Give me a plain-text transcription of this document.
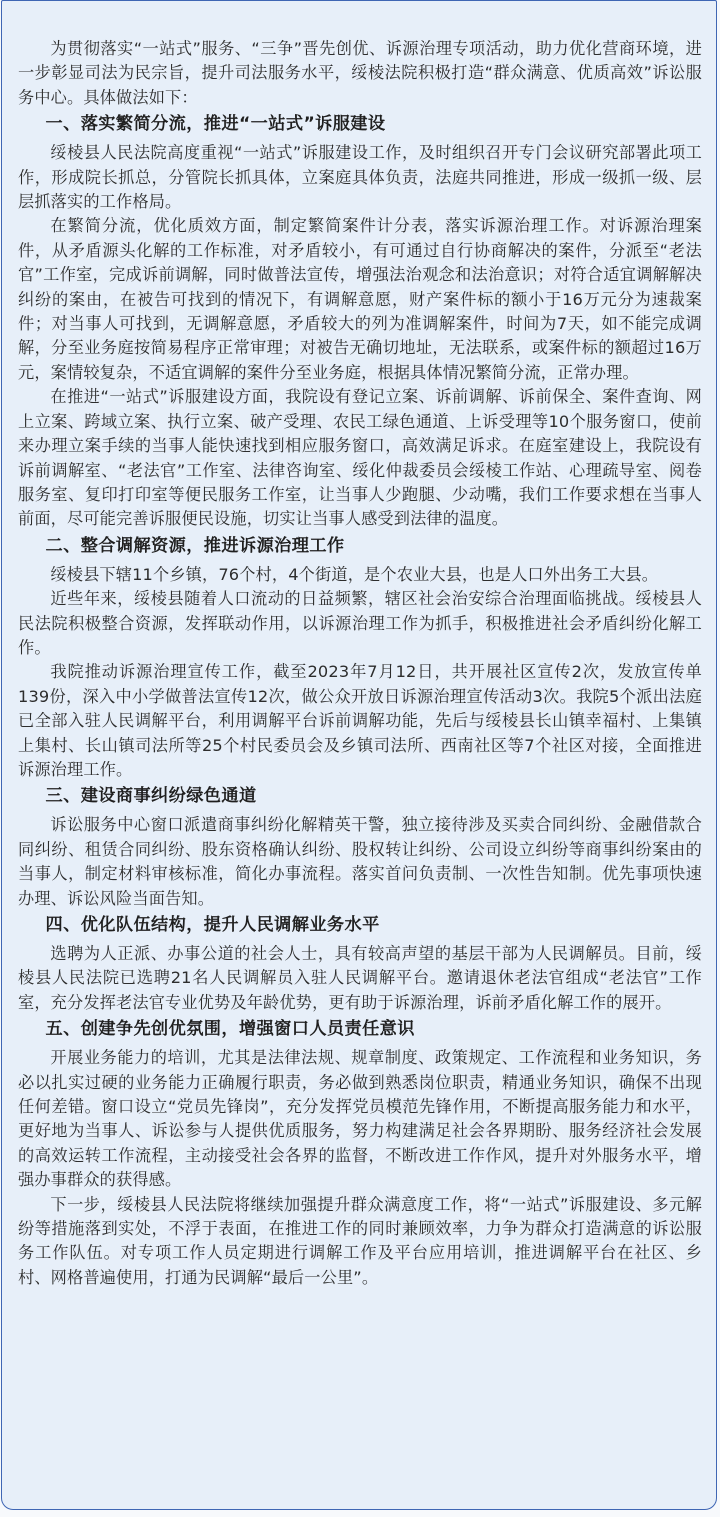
为贯彻落实“一站式”服务、“三争”晋先创优、诉源治理专项活动，助力优化营商环境，进一步彰显司法为民宗旨，提升司法服务水平，绥棱法院积极打造“群众满意、优质高效”诉讼服务中心。具体做法如下：

一、落实繁简分流，推进“一站式”诉服建设

绥棱县人民法院高度重视“一站式”诉服建设工作，及时组织召开专门会议研究部署此项工作，形成院长抓总，分管院长抓具体，立案庭具体负责，法庭共同推进，形成一级抓一级、层层抓落实的工作格局。

在繁简分流，优化质效方面，制定繁简案件计分表，落实诉源治理工作。对诉源治理案件，从矛盾源头化解的工作标准，对矛盾较小，有可通过自行协商解决的案件，分派至“老法官”工作室，完成诉前调解，同时做普法宣传，增强法治观念和法治意识；对符合适宜调解解决纠纷的案由，在被告可找到的情况下，有调解意愿，财产案件标的额小于16万元分为速裁案件；对当事人可找到，无调解意愿，矛盾较大的列为准调解案件，时间为7天，如不能完成调解，分至业务庭按简易程序正常审理；对被告无确切地址，无法联系，或案件标的额超过16万元，案情较复杂，不适宜调解的案件分至业务庭，根据具体情况繁简分流，正常办理。

在推进“一站式”诉服建设方面，我院设有登记立案、诉前调解、诉前保全、案件查询、网上立案、跨域立案、执行立案、破产受理、农民工绿色通道、上诉受理等10个服务窗口，使前来办理立案手续的当事人能快速找到相应服务窗口，高效满足诉求。在庭室建设上，我院设有诉前调解室、“老法官”工作室、法律咨询室、绥化仲裁委员会绥棱工作站、心理疏导室、阅卷服务室、复印打印室等便民服务工作室，让当事人少跑腿、少动嘴，我们工作要求想在当事人前面，尽可能完善诉服便民设施，切实让当事人感受到法律的温度。

二、整合调解资源，推进诉源治理工作

绥棱县下辖11个乡镇，76个村，4个街道，是个农业大县，也是人口外出务工大县。

近些年来，绥棱县随着人口流动的日益频繁，辖区社会治安综合治理面临挑战。绥棱县人民法院积极整合资源，发挥联动作用，以诉源治理工作为抓手，积极推进社会矛盾纠纷化解工作。

我院推动诉源治理宣传工作，截至2023年7月12日，共开展社区宣传2次，发放宣传单139份，深入中小学做普法宣传12次，做公众开放日诉源治理宣传活动3次。我院5个派出法庭已全部入驻人民调解平台，利用调解平台诉前调解功能，先后与绥棱县长山镇幸福村、上集镇上集村、长山镇司法所等25个村民委员会及乡镇司法所、西南社区等7个社区对接，全面推进诉源治理工作。

三、建设商事纠纷绿色通道

诉讼服务中心窗口派遣商事纠纷化解精英干警，独立接待涉及买卖合同纠纷、金融借款合同纠纷、租赁合同纠纷、股东资格确认纠纷、股权转让纠纷、公司设立纠纷等商事纠纷案由的当事人，制定材料审核标准，简化办事流程。落实首问负责制、一次性告知制。优先事项快速办理、诉讼风险当面告知。

四、优化队伍结构，提升人民调解业务水平

选聘为人正派、办事公道的社会人士，具有较高声望的基层干部为人民调解员。目前，绥棱县人民法院已选聘21名人民调解员入驻人民调解平台。邀请退休老法官组成“老法官”工作室，充分发挥老法官专业优势及年龄优势，更有助于诉源治理，诉前矛盾化解工作的展开。

五、创建争先创优氛围，增强窗口人员责任意识

开展业务能力的培训，尤其是法律法规、规章制度、政策规定、工作流程和业务知识，务必以扎实过硬的业务能力正确履行职责，务必做到熟悉岗位职责，精通业务知识，确保不出现任何差错。窗口设立“党员先锋岗”，充分发挥党员模范先锋作用，不断提高服务能力和水平，更好地为当事人、诉讼参与人提供优质服务，努力构建满足社会各界期盼、服务经济社会发展的高效运转工作流程，主动接受社会各界的监督，不断改进工作作风，提升对外服务水平，增强办事群众的获得感。

下一步，绥棱县人民法院将继续加强提升群众满意度工作，将“一站式”诉服建设、多元解纷等措施落到实处，不浮于表面，在推进工作的同时兼顾效率，力争为群众打造满意的诉讼服务工作队伍。对专项工作人员定期进行调解工作及平台应用培训，推进调解平台在社区、乡村、网格普遍使用，打通为民调解“最后一公里”。
